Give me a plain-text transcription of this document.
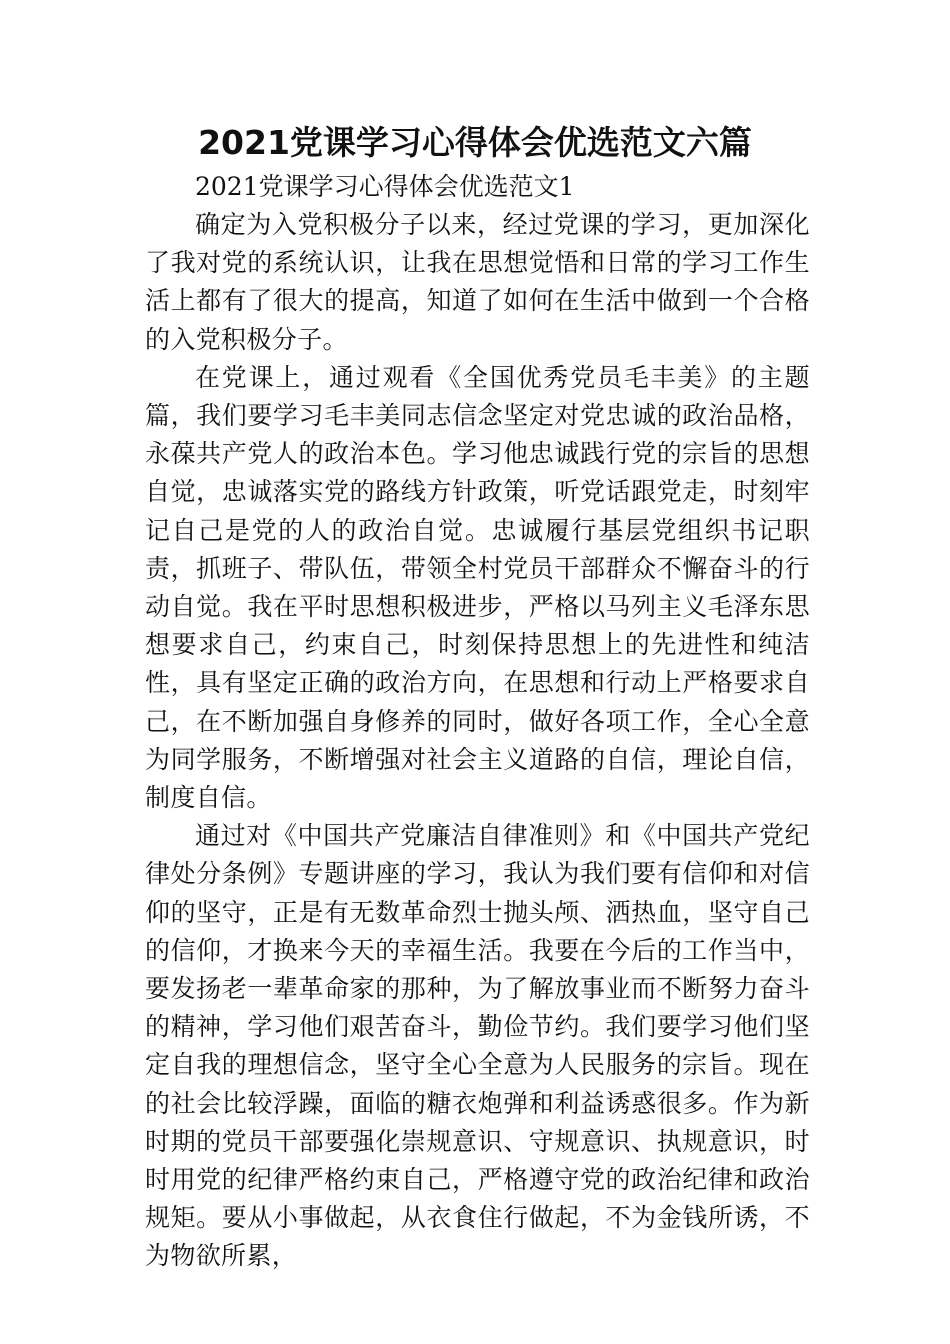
2021党课学习心得体会优选范文六篇

2021党课学习心得体会优选范文1

确定为入党积极分子以来，经过党课的学习，更加深化了我对党的系统认识，让我在思想觉悟和日常的学习工作生活上都有了很大的提高，知道了如何在生活中做到一个合格的入党积极分子。

在党课上，通过观看《全国优秀党员毛丰美》的主题篇，我们要学习毛丰美同志信念坚定对党忠诚的政治品格，永葆共产党人的政治本色。学习他忠诚践行党的宗旨的思想自觉，忠诚落实党的路线方针政策，听党话跟党走，时刻牢记自己是党的人的政治自觉。忠诚履行基层党组织书记职责，抓班子、带队伍，带领全村党员干部群众不懈奋斗的行动自觉。我在平时思想积极进步，严格以马列主义毛泽东思想要求自己，约束自己，时刻保持思想上的先进性和纯洁性，具有坚定正确的政治方向，在思想和行动上严格要求自己，在不断加强自身修养的同时，做好各项工作，全心全意为同学服务，不断增强对社会主义道路的自信，理论自信，制度自信。

通过对《中国共产党廉洁自律准则》和《中国共产党纪律处分条例》专题讲座的学习，我认为我们要有信仰和对信仰的坚守，正是有无数革命烈士抛头颅、洒热血，坚守自己的信仰，才换来今天的幸福生活。我要在今后的工作当中，要发扬老一辈革命家的那种，为了解放事业而不断努力奋斗的精神，学习他们艰苦奋斗，勤俭节约。我们要学习他们坚定自我的理想信念，坚守全心全意为人民服务的宗旨。现在的社会比较浮躁，面临的糖衣炮弹和利益诱惑很多。作为新时期的党员干部要强化崇规意识、守规意识、执规意识，时时用党的纪律严格约束自己，严格遵守党的政治纪律和政治规矩。要从小事做起，从衣食住行做起，不为金钱所诱，不为物欲所累，
